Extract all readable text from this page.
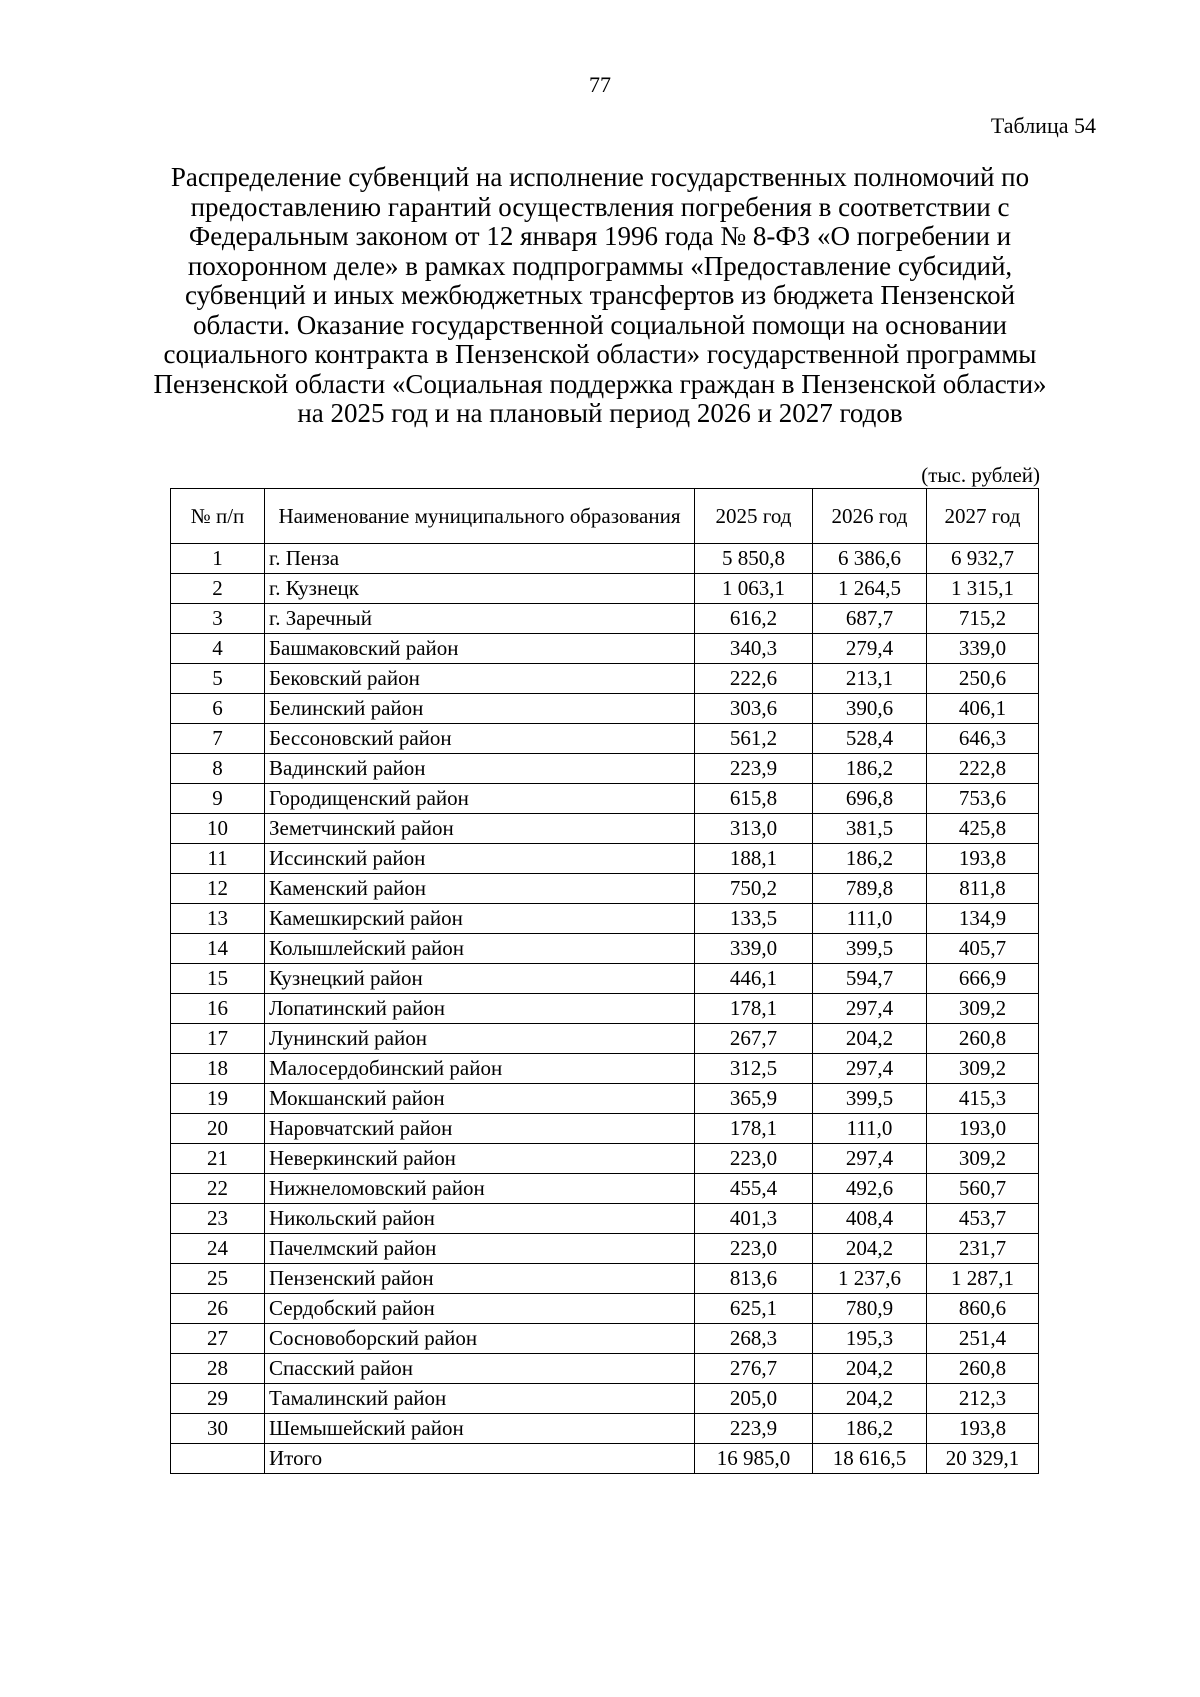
77
Таблица 54
Распределение субвенций на исполнение государственных полномочий по
предоставлению гарантий осуществления погребения в соответствии с
Федеральным законом от 12 января 1996 года № 8-ФЗ «О погребении и
похоронном деле» в рамках подпрограммы «Предоставление субсидий,
субвенций и иных межбюджетных трансфертов из бюджета Пензенской
области. Оказание государственной социальной помощи на основании
социального контракта в Пензенской области» государственной программы
Пензенской области «Социальная поддержка граждан в Пензенской области»
на 2025 год и на плановый период 2026 и 2027 годов
(тыс. рублей)
№ п/п	Наименование муниципального образования	2025 год	2026 год	2027 год
1	г. Пенза	5 850,8	6 386,6	6 932,7
2	г. Кузнецк	1 063,1	1 264,5	1 315,1
3	г. Заречный	616,2	687,7	715,2
4	Башмаковский район	340,3	279,4	339,0
5	Бековский район	222,6	213,1	250,6
6	Белинский район	303,6	390,6	406,1
7	Бессоновский район	561,2	528,4	646,3
8	Вадинский район	223,9	186,2	222,8
9	Городищенский район	615,8	696,8	753,6
10	Земетчинский район	313,0	381,5	425,8
11	Иссинский район	188,1	186,2	193,8
12	Каменский район	750,2	789,8	811,8
13	Камешкирский район	133,5	111,0	134,9
14	Колышлейский район	339,0	399,5	405,7
15	Кузнецкий район	446,1	594,7	666,9
16	Лопатинский район	178,1	297,4	309,2
17	Лунинский район	267,7	204,2	260,8
18	Малосердобинский район	312,5	297,4	309,2
19	Мокшанский район	365,9	399,5	415,3
20	Наровчатский район	178,1	111,0	193,0
21	Неверкинский район	223,0	297,4	309,2
22	Нижнеломовский район	455,4	492,6	560,7
23	Никольский район	401,3	408,4	453,7
24	Пачелмский район	223,0	204,2	231,7
25	Пензенский район	813,6	1 237,6	1 287,1
26	Сердобский район	625,1	780,9	860,6
27	Сосновоборский район	268,3	195,3	251,4
28	Спасский район	276,7	204,2	260,8
29	Тамалинский район	205,0	204,2	212,3
30	Шемышейский район	223,9	186,2	193,8
	Итого	16 985,0	18 616,5	20 329,1
